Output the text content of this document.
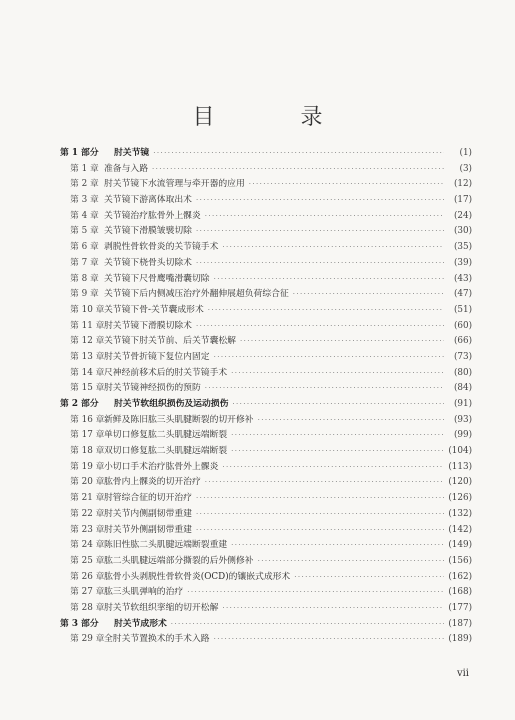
目　录
第 1 部分	肘关节镜 ·····	(1)
第 1 章 准备与入路 ·····	(3)
第 2 章 肘关节镜下水流管理与牵开器的应用 ·····	(12)
第 3 章 关节镜下游离体取出术 ·····	(17)
第 4 章 关节镜治疗肱骨外上髁炎 ·····	(24)
第 5 章 关节镜下滑膜皱襞切除 ·····	(30)
第 6 章 剥脱性骨软骨炎的关节镜手术 ·····	(35)
第 7 章 关节镜下桡骨头切除术 ·····	(39)
第 8 章 关节镜下尺骨鹰嘴滑囊切除 ·····	(43)
第 9 章 关节镜下后内侧减压治疗外翻伸展超负荷综合征 ·····	(47)
第 10 章 关节镜下骨-关节囊成形术 ·····	(51)
第 11 章 肘关节镜下滑膜切除术 ·····	(60)
第 12 章 关节镜下肘关节前、后关节囊松解 ·····	(66)
第 13 章 肘关节骨折镜下复位内固定 ·····	(73)
第 14 章 尺神经前移术后的肘关节镜手术 ·····	(80)
第 15 章 肘关节镜神经损伤的预防 ·····	(84)
第 2 部分	肘关节软组织损伤及运动损伤 ·····	(91)
第 16 章 新鲜及陈旧肱三头肌腱断裂的切开修补 ·····	(93)
第 17 章 单切口修复肱二头肌腱远端断裂 ·····	(99)
第 18 章 双切口修复肱二头肌腱远端断裂 ·····	(104)
第 19 章 小切口手术治疗肱骨外上髁炎 ·····	(113)
第 20 章 肱骨内上髁炎的切开治疗 ·····	(120)
第 21 章 肘管综合征的切开治疗 ·····	(126)
第 22 章 肘关节内侧副韧带重建 ·····	(132)
第 23 章 肘关节外侧副韧带重建 ·····	(142)
第 24 章 陈旧性肱二头肌腱远端断裂重建 ·····	(149)
第 25 章 肱二头肌腱远端部分撕裂的后外侧修补 ·····	(156)
第 26 章 肱骨小头剥脱性骨软骨炎(OCD)的镶嵌式成形术 ·····	(162)
第 27 章 肱三头肌弹响的治疗 ·····	(168)
第 28 章 肘关节软组织挛缩的切开松解 ·····	(177)
第 3 部分	肘关节成形术 ·····	(187)
第 29 章 全肘关节置换术的手术入路 ·····	(189)
vii
